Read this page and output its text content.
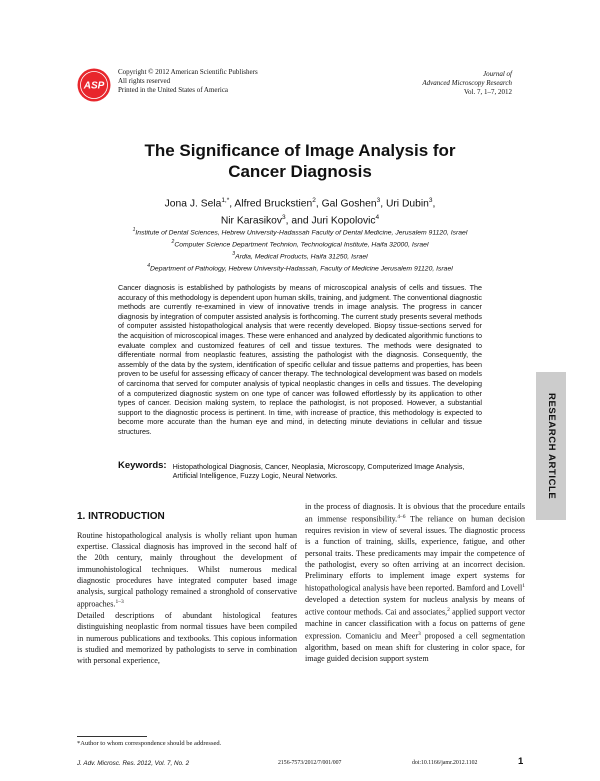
ASP
Copyright © 2012 American Scientific Publishers
All rights reserved
Printed in the United States of America
Journal of
Advanced Microscopy Research
Vol. 7, 1–7, 2012
The Significance of Image Analysis for
Cancer Diagnosis
Jona J. Sela$^{1,*}$, Alfred Bruckstien$^2$, Gal Goshen$^3$, Uri Dubin$^3$,
Nir Karasikov$^3$, and Juri Kopolovic$^4$
$^1$Institute of Dental Sciences, Hebrew University-Hadassah Faculty of Dental Medicine, Jerusalem 91120, Israel
$^2$Computer Science Department Technion, Technological Institute, Haifa 32000, Israel
$^3$Ardia, Medical Products, Haifa 31250, Israel
$^4$Department of Pathology, Hebrew University-Hadassah, Faculty of Medicine Jerusalem 91120, Israel
Cancer diagnosis is established by pathologists by means of microscopical analysis of cells and tissues. The accuracy of this methodology is dependent upon human skills, training, and judgment. The conventional diagnostic methods are currently re-examined in view of innovative trends in image analysis. The progress in cancer diagnosis by integration of computer assisted analysis is forthcoming. The current study presents several methods of computer assisted histopathological analysis that were recently developed. Biopsy tissue-sections served for the acquisition of microscopical images. These were enhanced and analyzed by dedicated algorithmic functions to evaluate complex and customized features of cell and tissue textures. The methods were designated to differentiate normal from neoplastic features, assisting the pathologist with the diagnosis. Consequently, the assembly of the data by the system, identification of specific cellular and tissue patterns and properties, has been proven to be useful for assessing efficacy of cancer therapy. The technological development was based on models of carcinoma that served for computer analysis of typical neoplastic changes in cells and tissues. The developing of a computerized diagnostic system on one type of cancer was followed effortlessly by its application to other types of cancer. Decision making system, to replace the pathologist, is not proposed. However, a substantial support to the diagnostic process is pertinent. In time, with increase of practice, this methodology is expected to become more accurate than the human eye and mind, in detecting minute deviations in cellular and tissue structures.
Keywords: Histopathological Diagnosis, Cancer, Neoplasia, Microscopy, Computerized Image Analysis, Artificial Intelligence, Fuzzy Logic, Neural Networks.	RESEARCH ARTICLE
1. INTRODUCTION
Routine histopathological analysis is wholly reliant upon human expertise. Classical diagnosis has improved in the second half of the 20th century, mainly throughout the development of immunohistological techniques. Whilst numerous medical diagnostic procedures have integrated computer based image analysis, surgical pathology remained a stronghold of conservative approaches.$^{1-3}$
Detailed descriptions of abundant histological features distinguishing neoplastic from normal tissues have been compiled in numerous publications and textbooks. This copious information is studied and memorized by pathologists to serve in combination with personal experience,
in the process of diagnosis. It is obvious that the procedure entails an immense responsibility.$^{4-6}$ The reliance on human decision requires revision in view of several issues. The diagnostic process is a function of training, skills, experience, fatigue, and other personal traits. These predicaments may impair the competence of the pathologist, every so often arriving at an incorrect decision. Preliminary efforts to implement image expert systems for histopathological analysis have been reported. Bamford and Lovell$^1$ developed a detection system for nucleus analysis by means of active contour methods. Cai and associates,$^2$ applied support vector machine in cancer classification with a focus on patterns of gene expression. Comaniciu and Meer$^3$ proposed a cell segmentation algorithm, based on mean shift for clustering in color space, for image guided decision support system
*Author to whom correspondence should be addressed.
J. Adv. Microsc. Res. 2012, Vol. 7, No. 2	2156-7573/2012/7/001/007	doi:10.1166/jamr.2012.1102	1
